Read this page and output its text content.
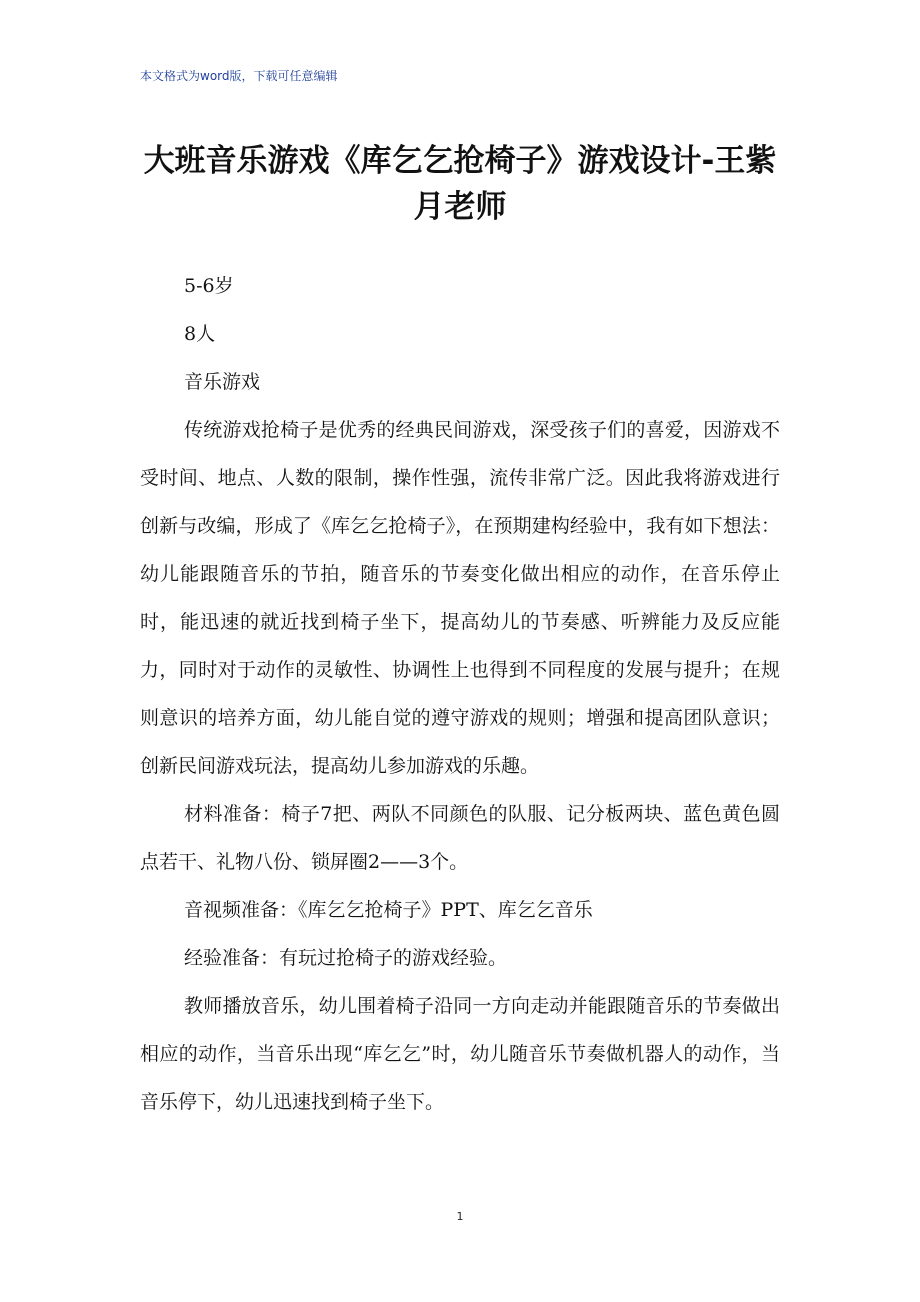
本文格式为word版，下载可任意编辑
大班音乐游戏《库乞乞抢椅子》游戏设计-王紫月老师

5-6岁

8人

音乐游戏

传统游戏抢椅子是优秀的经典民间游戏，深受孩子们的喜爱，因游戏不受时间、地点、人数的限制，操作性强，流传非常广泛。因此我将游戏进行创新与改编，形成了《库乞乞抢椅子》，在预期建构经验中，我有如下想法：幼儿能跟随音乐的节拍，随音乐的节奏变化做出相应的动作，在音乐停止时，能迅速的就近找到椅子坐下，提高幼儿的节奏感、听辨能力及反应能力，同时对于动作的灵敏性、协调性上也得到不同程度的发展与提升；在规则意识的培养方面，幼儿能自觉的遵守游戏的规则；增强和提高团队意识；创新民间游戏玩法，提高幼儿参加游戏的乐趣。

材料准备：椅子7把、两队不同颜色的队服、记分板两块、蓝色黄色圆点若干、礼物八份、锁屏圈2——3个。

音视频准备：《库乞乞抢椅子》PPT、库乞乞音乐

经验准备：有玩过抢椅子的游戏经验。

教师播放音乐，幼儿围着椅子沿同一方向走动并能跟随音乐的节奏做出相应的动作，当音乐出现“库乞乞”时，幼儿随音乐节奏做机器人的动作，当音乐停下，幼儿迅速找到椅子坐下。

1
